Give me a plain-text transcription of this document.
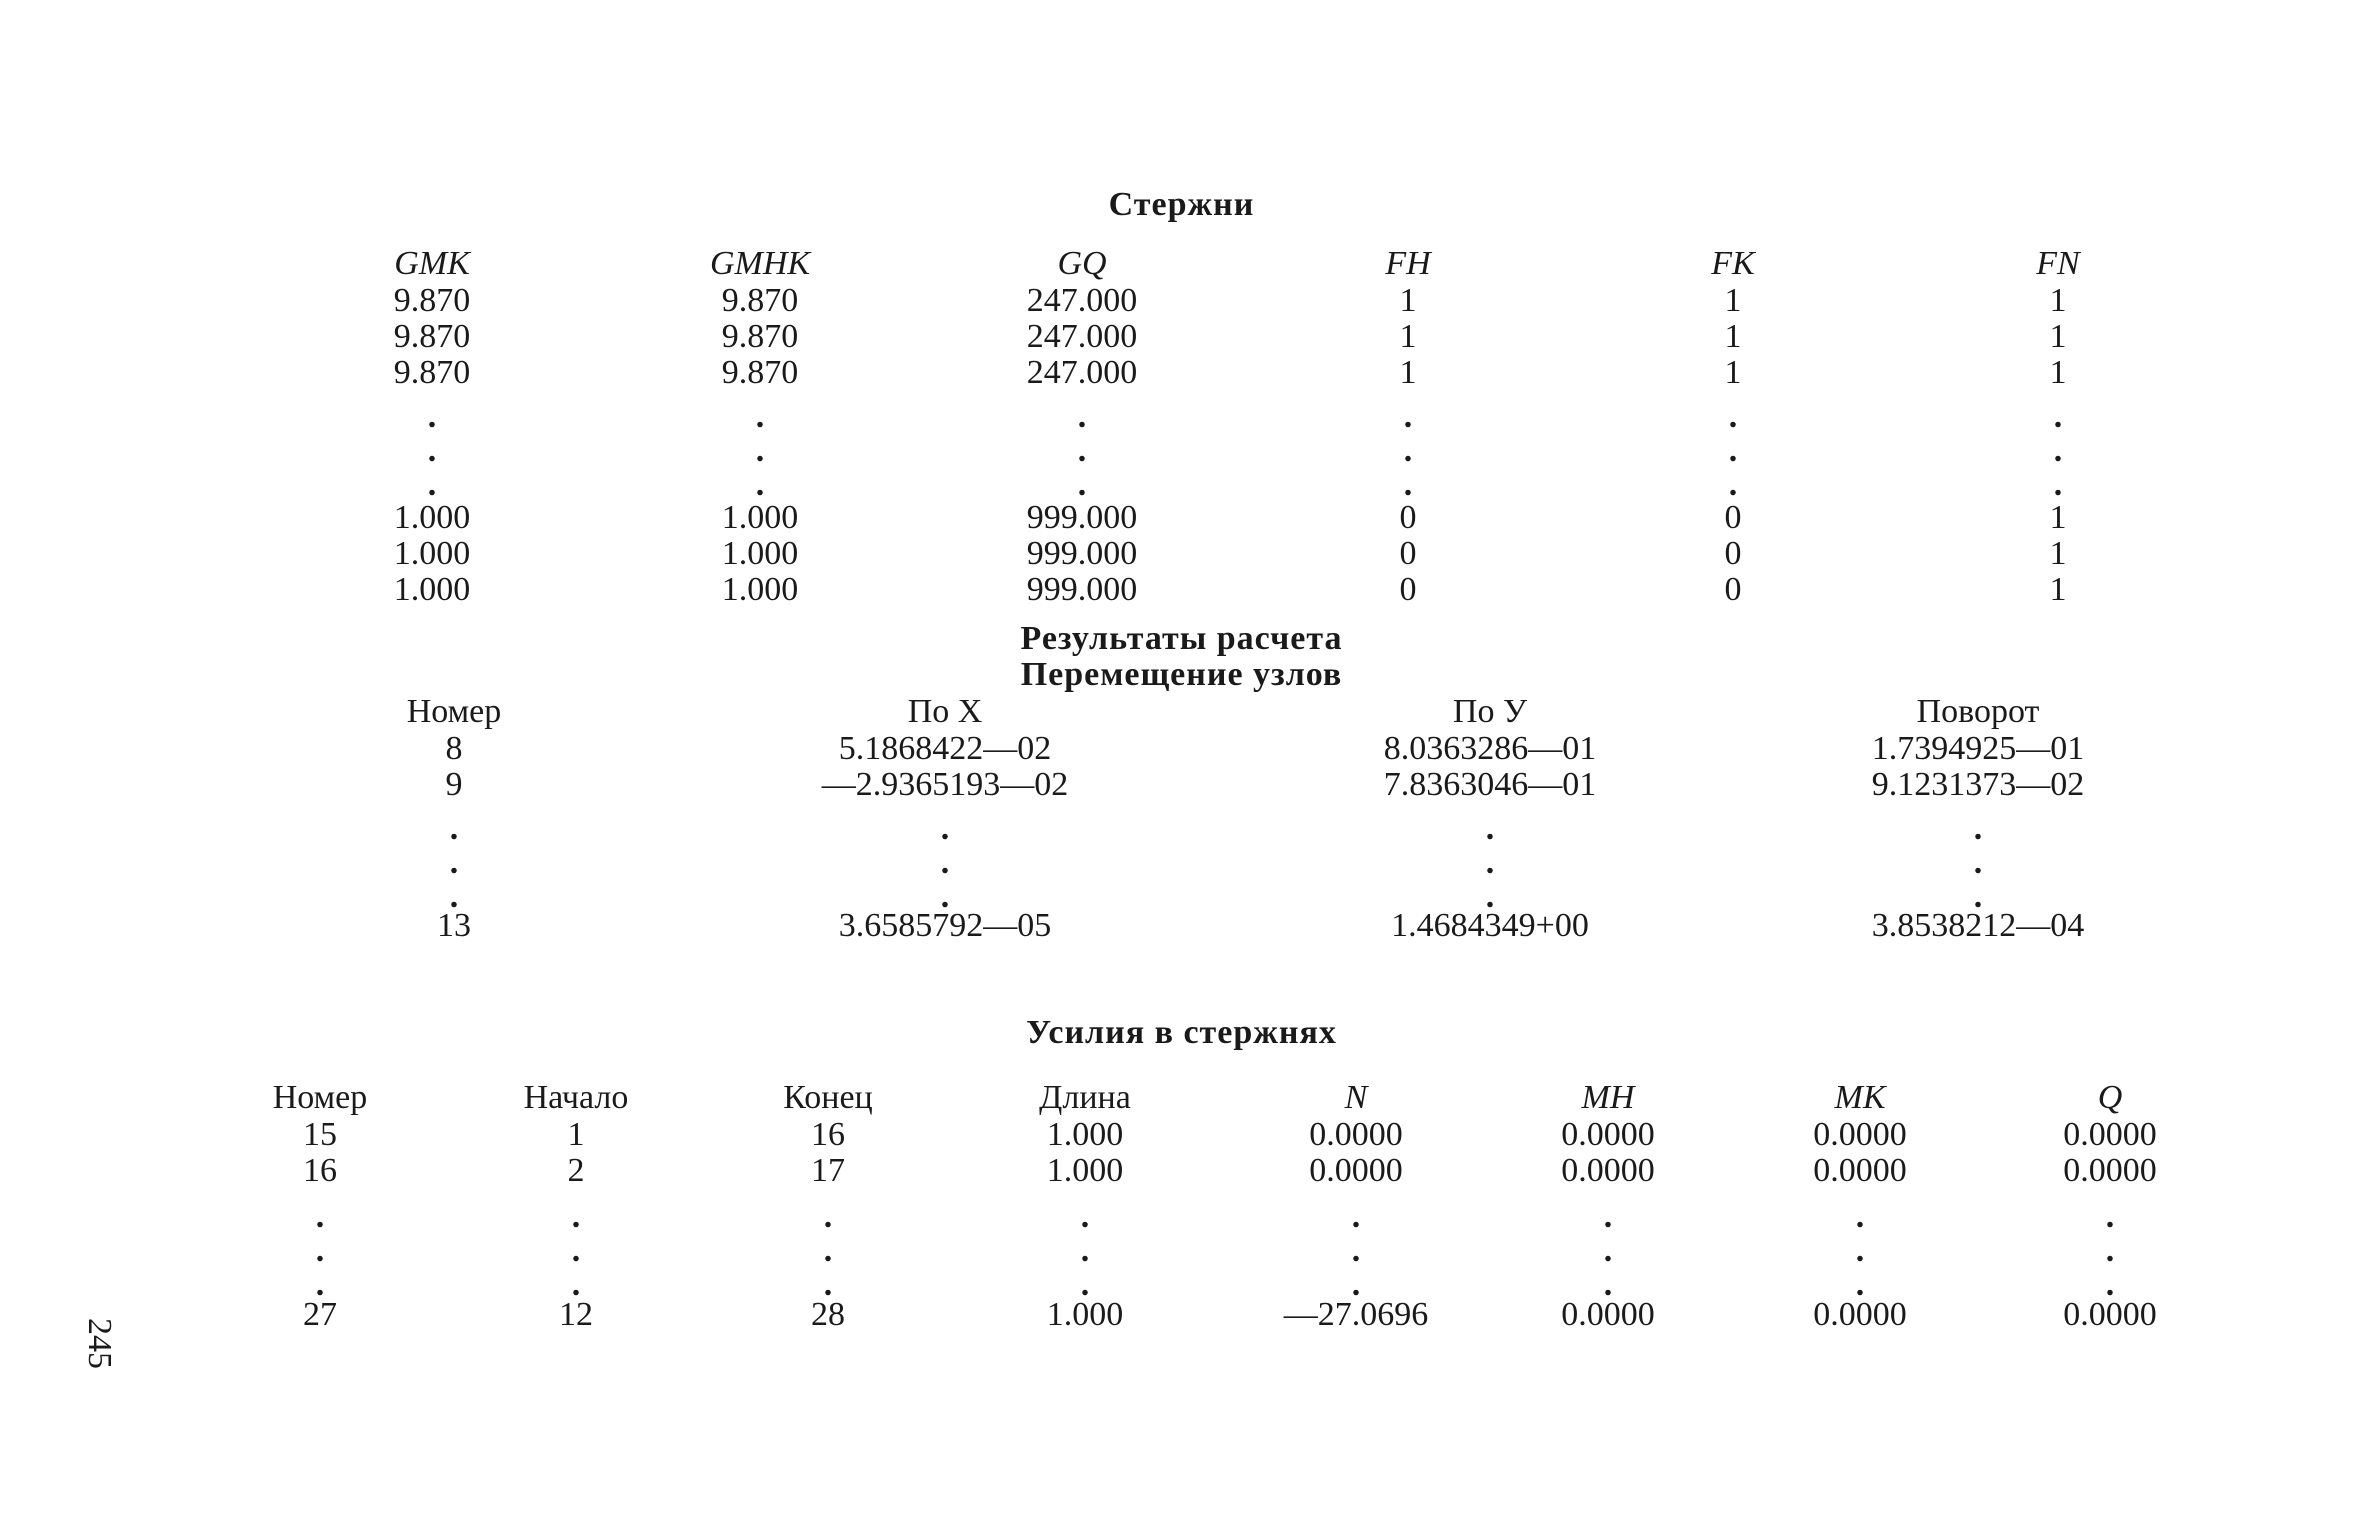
Стержни
GMK	GMHK	GQ	FH	FK	FN
9.870	9.870	247.000	1	1	1
9.870	9.870	247.000	1	1	1
9.870	9.870	247.000	1	1	1
.	.	.	.	.	.
.	.	.	.	.	.
.	.	.	.	.	.
1.000	1.000	999.000	0	0	1
1.000	1.000	999.000	0	0	1
1.000	1.000	999.000	0	0	1
Результаты расчета
Перемещение узлов
Номер	По X	По У	Поворот
8	5.1868422—02	8.0363286—01	1.7394925—01
9	—2.9365193—02	7.8363046—01	9.1231373—02
.	.	.	.
.	.	.	.
.	.	.	.
13	3.6585792—05	1.4684349+00	3.8538212—04
Усилия в стержнях
Номер	Начало	Конец	Длина	N	MH	MK	Q
15	1	16	1.000	0.0000	0.0000	0.0000	0.0000
16	2	17	1.000	0.0000	0.0000	0.0000	0.0000
.	.	.	.	.	.	.	.
.	.	.	.	.	.	.	.
.	.	.	.	.	.	.	.
27	12	28	1.000	—27.0696	0.0000	0.0000	0.0000
245
